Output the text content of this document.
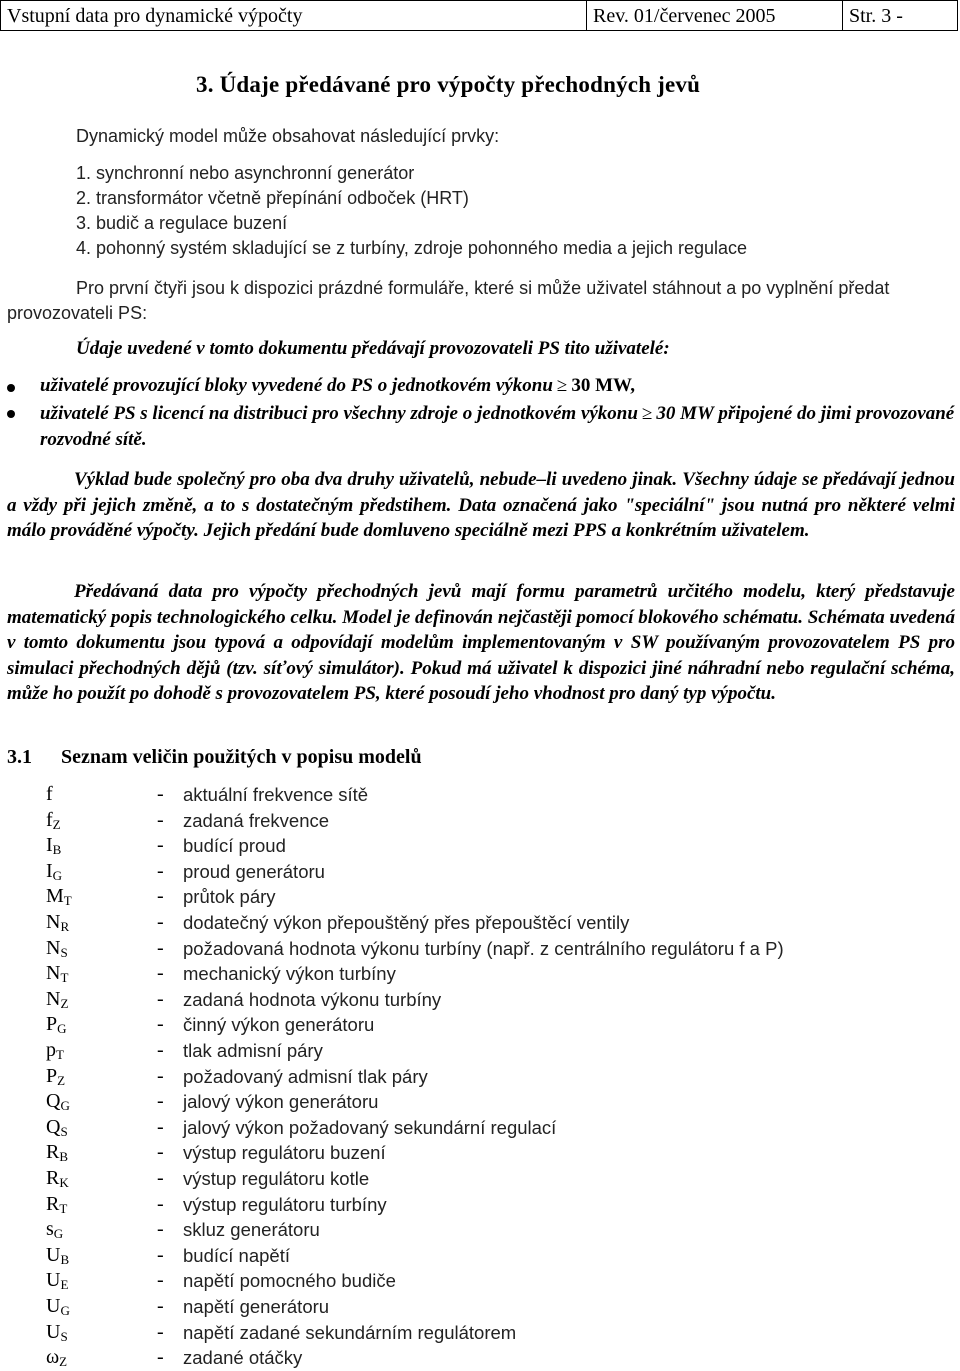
Vstupní data pro dynamické výpočty	Rev. 01/červenec 2005	Str. 3 -
3. Údaje předávané pro výpočty přechodných jevů
Dynamický model může obsahovat následující prvky:
1. synchronní nebo asynchronní generátor
2. transformátor včetně přepínání odboček (HRT)
3. budič a regulace buzení
4. pohonný systém skladující se z turbíny, zdroje pohonného media a jejich regulace
Pro první čtyři jsou k dispozici prázdné formuláře, které si může uživatel stáhnout a po vyplnění předat provozovateli PS:
Údaje uvedené v tomto dokumentu předávají provozovateli PS tito uživatelé:
uživatelé provozující bloky vyvedené do PS o jednotkovém výkonu ≥ 30 MW,
uživatelé PS s licencí na distribuci pro všechny zdroje o jednotkovém výkonu ≥ 30 MW připojené do jimi provozované rozvodné sítě.
Výklad bude společný pro oba dva druhy uživatelů, nebude–li uvedeno jinak. Všechny údaje se předávají jednou a vždy při jejich změně, a to s dostatečným předstihem. Data označená jako "speciální" jsou nutná pro některé velmi málo prováděné výpočty. Jejich předání bude domluveno speciálně mezi PPS a konkrétním uživatelem.
Předávaná data pro výpočty přechodných jevů mají formu parametrů určitého modelu, který představuje matematický popis technologického celku. Model je definován nejčastěji pomocí blokového schématu. Schémata uvedená v tomto dokumentu jsou typová a odpovídají modelům implementovaným v SW používaným provozovatelem PS pro simulaci přechodných dějů (tzv. síťový simulátor). Pokud má uživatel k dispozici jiné náhradní nebo regulační schéma, může ho použít po dohodě s provozovatelem PS, které posoudí jeho vhodnost pro daný typ výpočtu.
3.1 Seznam veličin použitých v popisu modelů
f	- aktuální frekvence sítě
$f_Z$	- zadaná frekvence
$I_B$	- budící proud
$I_G$	- proud generátoru
$M_T$	- průtok páry
$N_R$	- dodatečný výkon přepouštěný přes přepouštěcí ventily
$N_S$	- požadovaná hodnota výkonu turbíny (např. z centrálního regulátoru f a P)
$N_T$	- mechanický výkon turbíny
$N_Z$	- zadaná hodnota výkonu turbíny
$P_G$	- činný výkon generátoru
$p_T$	- tlak admisní páry
$P_Z$	- požadovaný admisní tlak páry
$Q_G$	- jalový výkon generátoru
$Q_S$	- jalový výkon požadovaný sekundární regulací
$R_B$	- výstup regulátoru buzení
$R_K$	- výstup regulátoru kotle
$R_T$	- výstup regulátoru turbíny
$s_G$	- skluz generátoru
$U_B$	- budící napětí
$U_E$	- napětí pomocného budiče
$U_G$	- napětí generátoru
$U_S$	- napětí zadané sekundárním regulátorem
$\omega_Z$	- zadané otáčky
